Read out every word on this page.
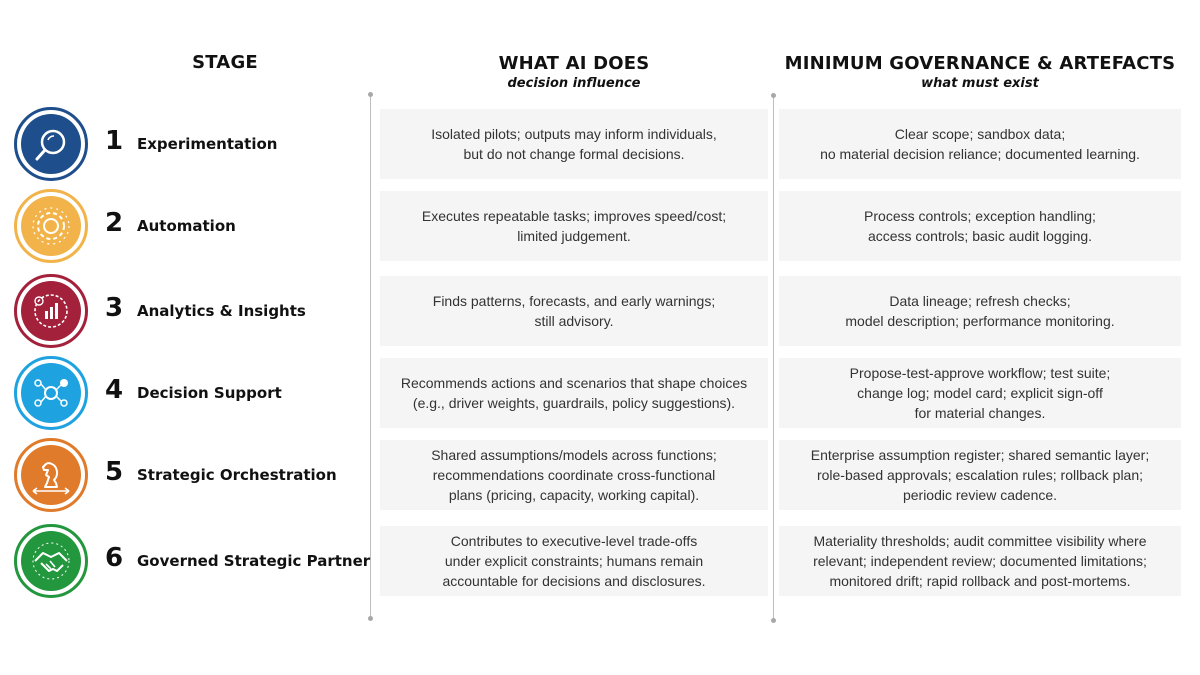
STAGE	WHAT AI DOES
decision influence
MINIMUM GOVERNANCE & ARTEFACTS
what must exist
1 Experimentation
Isolated pilots; outputs may inform individuals,
but do not change formal decisions.
Clear scope; sandbox data;
no material decision reliance; documented learning.
2 Automation
Executes repeatable tasks; improves speed/cost;
limited judgement.
Process controls; exception handling;
access controls; basic audit logging.
3 Analytics & Insights
Finds patterns, forecasts, and early warnings;
still advisory.
Data lineage; refresh checks;
model description; performance monitoring.
4 Decision Support
Recommends actions and scenarios that shape choices
(e.g., driver weights, guardrails, policy suggestions).
Propose-test-approve workflow; test suite;
change log; model card; explicit sign-off
for material changes.
5 Strategic Orchestration
Shared assumptions/models across functions;
recommendations coordinate cross-functional
plans (pricing, capacity, working capital).
Enterprise assumption register; shared semantic layer;
role-based approvals; escalation rules; rollback plan;
periodic review cadence.
6 Governed Strategic Partner
Contributes to executive-level trade-offs
under explicit constraints; humans remain
accountable for decisions and disclosures.
Materiality thresholds; audit committee visibility where
relevant; independent review; documented limitations;
monitored drift; rapid rollback and post-mortems.
